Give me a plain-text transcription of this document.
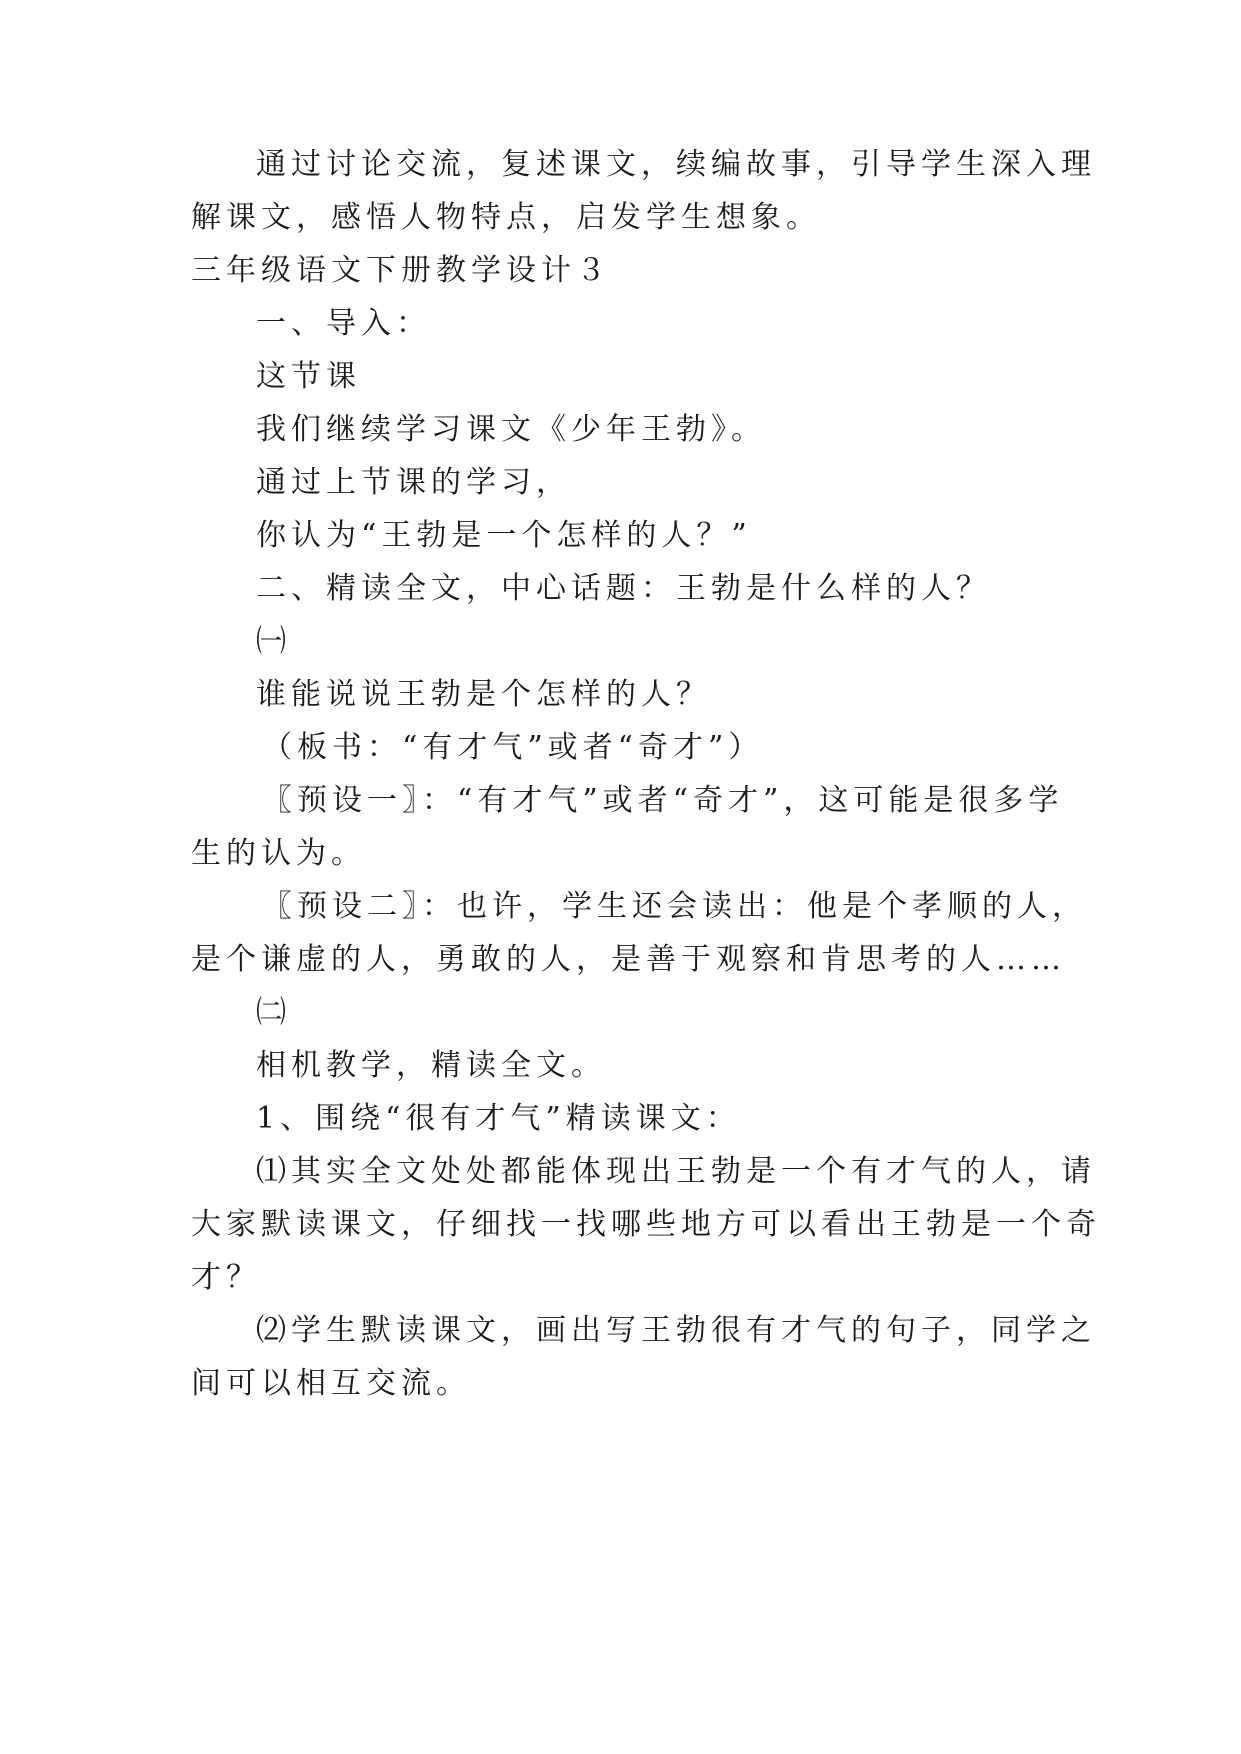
通过讨论交流，复述课文，续编故事，引导学生深入理

解课文，感悟人物特点，启发学生想象。

三年级语文下册教学设计３

一、导入：

这节课

我们继续学习课文《少年王勃》。

通过上节课的学习，

你认为“王勃是一个怎样的人？”

二、精读全文，中心话题：王勃是什么样的人？

㈠

谁能说说王勃是个怎样的人？

（板书：“有才气”或者“奇才”）

〖预设一〗：“有才气”或者“奇才”，这可能是很多学

生的认为。

〖预设二〗：也许，学生还会读出：他是个孝顺的人，

是个谦虚的人，勇敢的人，是善于观察和肯思考的人……

㈡

相机教学，精读全文。

1、围绕“很有才气”精读课文：

⑴其实全文处处都能体现出王勃是一个有才气的人，请

大家默读课文，仔细找一找哪些地方可以看出王勃是一个奇

才？

⑵学生默读课文，画出写王勃很有才气的句子，同学之

间可以相互交流。
